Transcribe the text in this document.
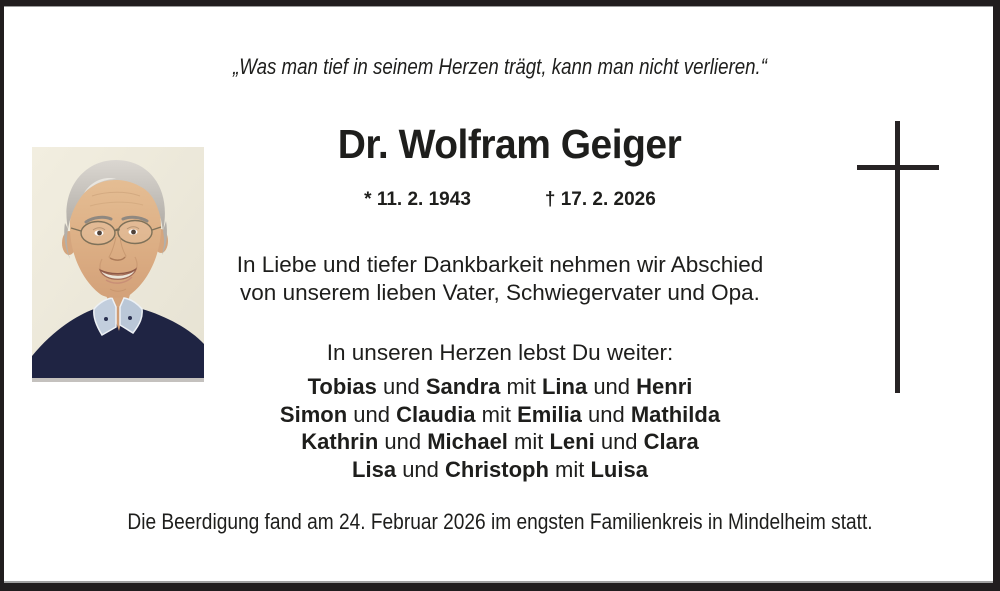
„Was man tief in seinem Herzen trägt, kann man nicht verlieren.“
Dr. Wolfram Geiger
* 11. 2. 1943	† 17. 2. 2026
In Liebe und tiefer Dankbarkeit nehmen wir Abschied
von unserem lieben Vater, Schwiegervater und Opa.
In unseren Herzen lebst Du weiter:
Tobias und Sandra mit Lina und Henri
Simon und Claudia mit Emilia und Mathilda
Kathrin und Michael mit Leni und Clara
Lisa und Christoph mit Luisa
Die Beerdigung fand am 24. Februar 2026 im engsten Familienkreis in Mindelheim statt.
